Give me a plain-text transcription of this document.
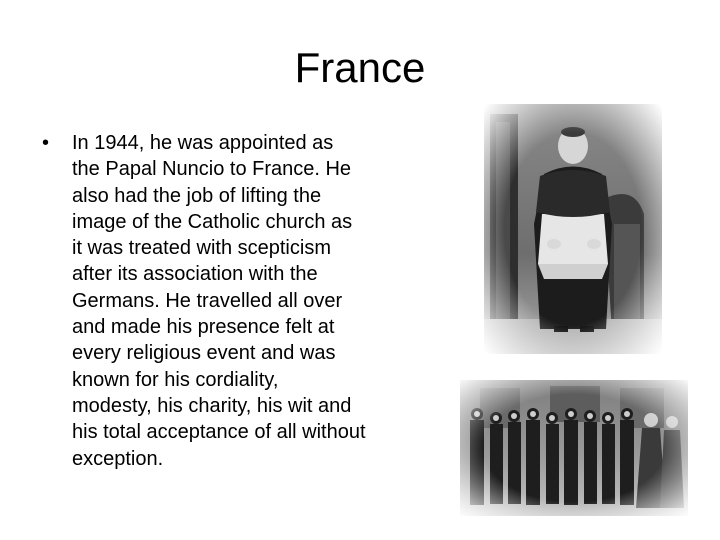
France
• In 1944, he was appointed as
the Papal Nuncio to France. He
also had the job of lifting the
image of the Catholic church as
it was treated with scepticism
after its association with the
Germans. He travelled all over
and made his presence felt at
every religious event and was
known for his cordiality,
modesty, his charity, his wit and
his total acceptance of all without
exception.
